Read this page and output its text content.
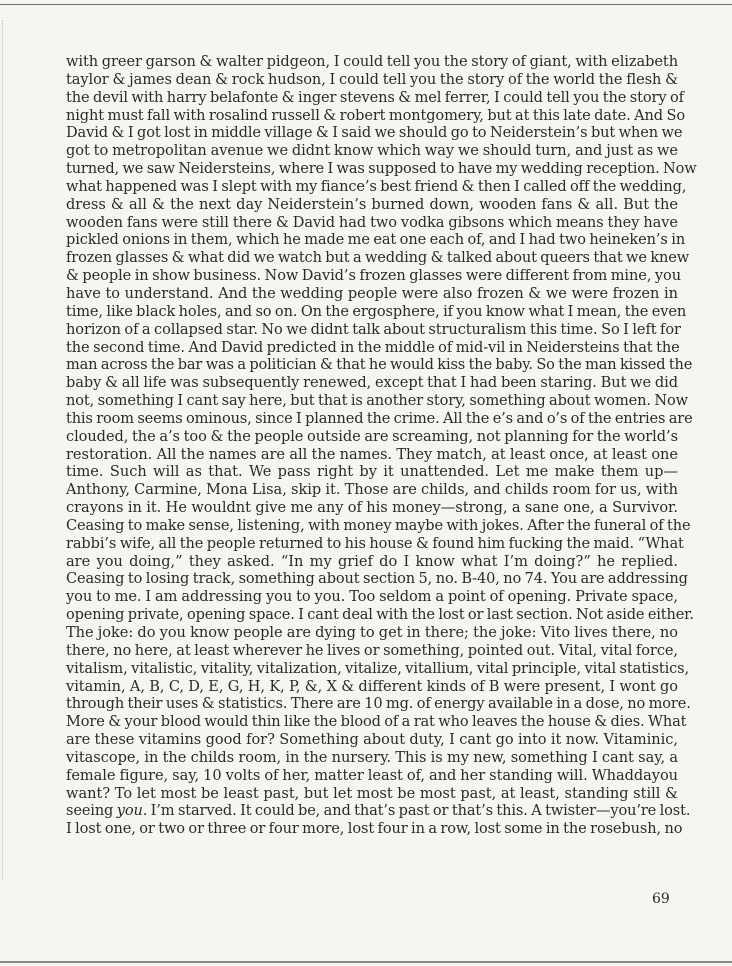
with greer garson & walter pidgeon, I could tell you the story of giant, with elizabeth
taylor & james dean & rock hudson, I could tell you the story of the world the flesh &
the devil with harry belafonte & inger stevens & mel ferrer, I could tell you the story of
night must fall with rosalind russell & robert montgomery, but at this late date. And So
David & I got lost in middle village & I said we should go to Neiderstein’s but when we
got to metropolitan avenue we didnt know which way we should turn, and just as we
turned, we saw Neidersteins, where I was supposed to have my wedding reception. Now
what happened was I slept with my fiance’s best friend & then I called off the wedding,
dress & all & the next day Neiderstein’s burned down, wooden fans & all. But the
wooden fans were still there & David had two vodka gibsons which means they have
pickled onions in them, which he made me eat one each of, and I had two heineken’s in
frozen glasses & what did we watch but a wedding & talked about queers that we knew
& people in show business. Now David’s frozen glasses were different from mine, you
have to understand. And the wedding people were also frozen & we were frozen in
time, like black holes, and so on. On the ergosphere, if you know what I mean, the even
horizon of a collapsed star. No we didnt talk about structuralism this time. So I left for
the second time. And David predicted in the middle of mid-vil in Neidersteins that the
man across the bar was a politician & that he would kiss the baby. So the man kissed the
baby & all life was subsequently renewed, except that I had been staring. But we did
not, something I cant say here, but that is another story, something about women. Now
this room seems ominous, since I planned the crime. All the e’s and o’s of the entries are
clouded, the a’s too & the people outside are screaming, not planning for the world’s
restoration. All the names are all the names. They match, at least once, at least one
time. Such will as that. We pass right by it unattended. Let me make them up—
Anthony, Carmine, Mona Lisa, skip it. Those are childs, and childs room for us, with
crayons in it. He wouldnt give me any of his money—strong, a sane one, a Survivor.
Ceasing to make sense, listening, with money maybe with jokes. After the funeral of the
rabbi’s wife, all the people returned to his house & found him fucking the maid. “What
are you doing,” they asked. “In my grief do I know what I’m doing?” he replied.
Ceasing to losing track, something about section 5, no. B-40, no 74. You are addressing
you to me. I am addressing you to you. Too seldom a point of opening. Private space,
opening private, opening space. I cant deal with the lost or last section. Not aside either.
The joke: do you know people are dying to get in there; the joke: Vito lives there, no
there, no here, at least wherever he lives or something, pointed out. Vital, vital force,
vitalism, vitalistic, vitality, vitalization, vitalize, vitallium, vital principle, vital statistics,
vitamin, A, B, C, D, E, G, H, K, P, &, X & different kinds of B were present, I wont go
through their uses & statistics. There are 10 mg. of energy available in a dose, no more.
More & your blood would thin like the blood of a rat who leaves the house & dies. What
are these vitamins good for? Something about duty, I cant go into it now. Vitaminic,
vitascope, in the childs room, in the nursery. This is my new, something I cant say, a
female figure, say, 10 volts of her, matter least of, and her standing will. Whaddayou
want? To let most be least past, but let most be most past, at least, standing still &
seeing you. I’m starved. It could be, and that’s past or that’s this. A twister—you’re lost.
I lost one, or two or three or four more, lost four in a row, lost some in the rosebush, no
69
